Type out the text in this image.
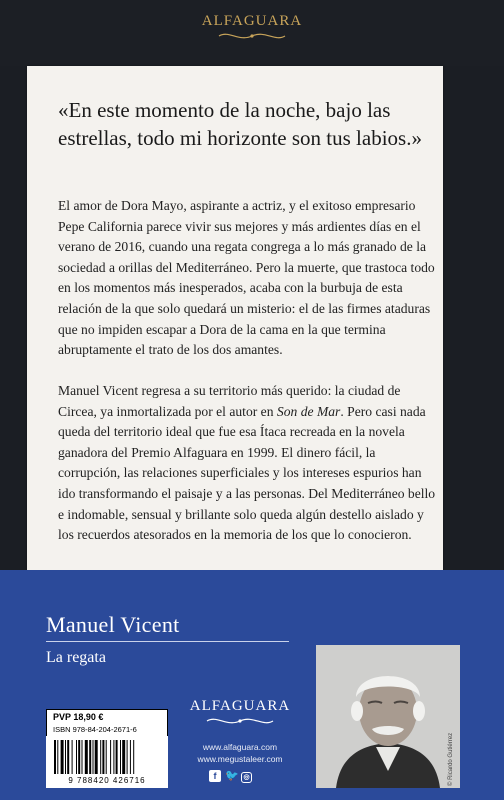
ALFAGUARA
«En este momento de la noche, bajo las estrellas, todo mi horizonte son tus labios.»
El amor de Dora Mayo, aspirante a actriz, y el exitoso empresario Pepe California parece vivir sus mejores y más ardientes días en el verano de 2016, cuando una regata congrega a lo más granado de la sociedad a orillas del Mediterráneo. Pero la muerte, que trastoca todo en los momentos más inesperados, acaba con la burbuja de esta relación de la que solo quedará un misterio: el de las firmes ataduras que no impiden escapar a Dora de la cama en la que termina abruptamente el trato de los dos amantes.
Manuel Vicent regresa a su territorio más querido: la ciudad de Circea, ya inmortalizada por el autor en Son de Mar. Pero casi nada queda del territorio ideal que fue esa Ítaca recreada en la novela ganadora del Premio Alfaguara en 1999. El dinero fácil, la corrupción, las relaciones superficiales y los intereses espurios han ido transformando el paisaje y a las personas. Del Mediterráneo bello e indomable, sensual y brillante solo queda algún destello aislado y los recuerdos atesorados en la memoria de los que lo conocieron.
Manuel Vicent
La regata
PVP 18,90 €
ISBN 978-84-204-2671-6
9 788420 426716
ALFAGUARA
www.alfaguara.com
www.megustaleer.com
f 🐦 ◎	© Ricardo Gutiérrez
